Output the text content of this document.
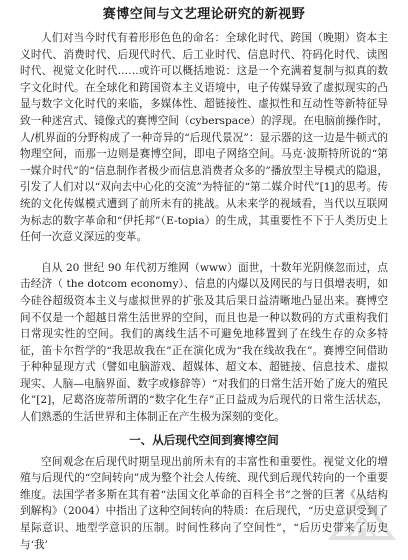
赛博空间与文艺理论研究的新视野

人们对当今时代有着形形色色的命名：全球化时代、跨国（晚期）资本主义时代、消费时代、后现代时代、后工业时代、信息时代、符码化时代、读图时代、视觉文化时代……或许可以概括地说：这是一个充满着复制与拟真的数字文化时代。在全球化和跨国资本主义语境中，电子传媒导致了虚拟现实的凸显与数字文化时代的来临，多媒体性、超链接性、虚拟性和互动性等新特征导致一种迷宫式、镜像式的赛博空间（cyberspace）的浮现。在电脑前操作时，人/机界面的分野构成了一种奇异的“后现代景况”：显示器的这一边是牛顿式的物理空间，而那一边则是赛博空间，即电子网络空间。马克·波斯特所说的“第一媒介时代”的“信息制作者极少而信息消费者众多的”播放型主导模式的隐退，引发了人们对以“双向去中心化的交流”为特征的“第二媒介时代”[1]的思考。传统的文化传媒模式遭到了前所未有的挑战。从未来学的视域看，当代以互联网为标志的数字革命和“伊托邦”（E-topia）的生成，其重要性不下于人类历史上任何一次意义深远的变革。

自从 20 世纪 90 年代初万维网（www）面世，十数年光阴倏忽而过，点击经济（ the dotcom economy）、信息的内爆以及网民的与日俱增表明，如今硅谷超级资本主义与虚拟世界的扩张及其后果日益清晰地凸显出来。赛博空间不仅是一个超越日常生活世界的空间，而且也是一种以数码的方式重构我们日常现实性的空间。我们的离线生活不可避免地移置到了在线生存的众多特征，笛卡尔哲学的“我思故我在”正在演化成为“我在线故我在”。赛博空间借助于种种显现方式（譬如电脑游戏、超媒体、超文本、超链接、信息技术、虚拟现实、人脑—电脑界面、数字或修辞等）“对我们的日常生活开始了庞大的殖民化”[2]，尼葛洛庞蒂所谓的“数字化生存”正日益成为后现代的日常生活状态，人们熟悉的生活世界和主体制正在产生极为深刻的变化。

一、从后现代空间到赛博空间

空间观念在后现代时期呈现出前所未有的丰富性和重要性。视觉文化的增殖与后现代的“空间转向”成为整个社会人传统、现代到后现代转向的一个重要维度。法国学者多斯在其有着“法国文化革命的百科全书”之誉的巨著《从结构到解构》（2004）中指出了这种空间转向的特质：在后现代，“历史意识受到了星际意识、地型学意识的压制。时间性移向了空间性”，“后历史带来了历史与‘我’
